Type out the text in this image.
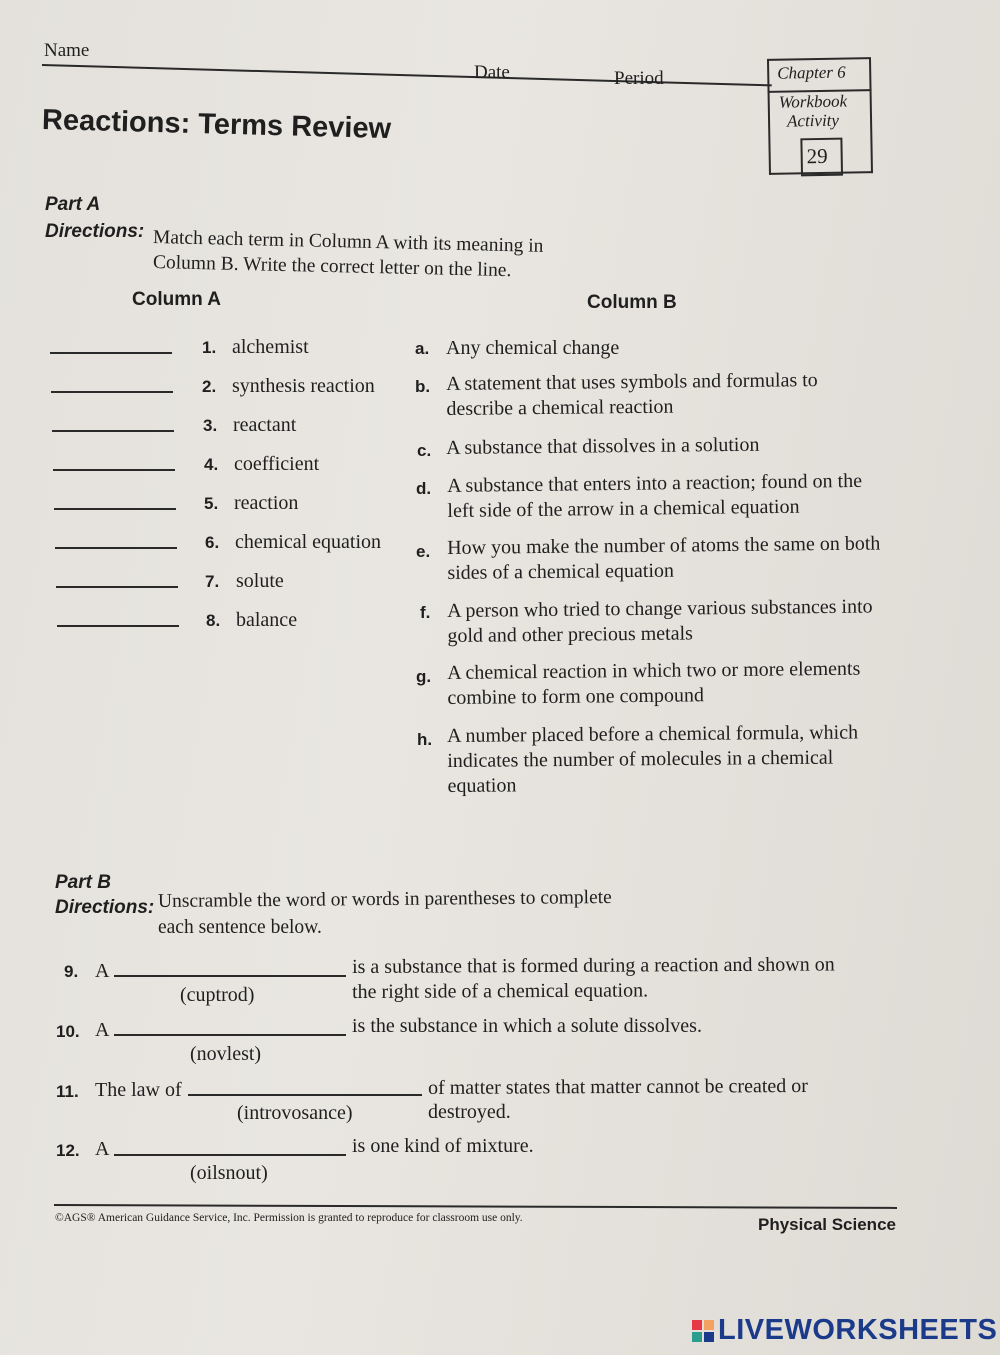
Name
Date	Period
Reactions: Terms Review
Chapter 6
Workbook
Activity
29
Part A
Directions: Match each term in Column A with its meaning in
Column B. Write the correct letter on the line.
Column A	Column B
1. alchemist
2. synthesis reaction
3. reactant
4. coefficient
5. reaction
6. chemical equation
7. solute
8. balance
a. Any chemical change
b. A statement that uses symbols and formulas to describe a chemical reaction
c. A substance that dissolves in a solution
d. A substance that enters into a reaction; found on the left side of the arrow in a chemical equation
e. How you make the number of atoms the same on both sides of a chemical equation
f. A person who tried to change various substances into gold and other precious metals
g. A chemical reaction in which two or more elements combine to form one compound
h. A number placed before a chemical formula, which indicates the number of molecules in a chemical equation
Part B
Directions: Unscramble the word or words in parentheses to complete
each sentence below.
9. A	is a substance that is formed during a reaction and shown on
the right side of a chemical equation.
(cuptrod)
10. A	is the substance in which a solute dissolves.
(novlest)
11. The law of	of matter states that matter cannot be created or
destroyed.
(introvosance)
12. A	is one kind of mixture.
(oilsnout)
©AGS® American Guidance Service, Inc. Permission is granted to reproduce for classroom use only.	Physical Science
LIVEWORKSHEETS
